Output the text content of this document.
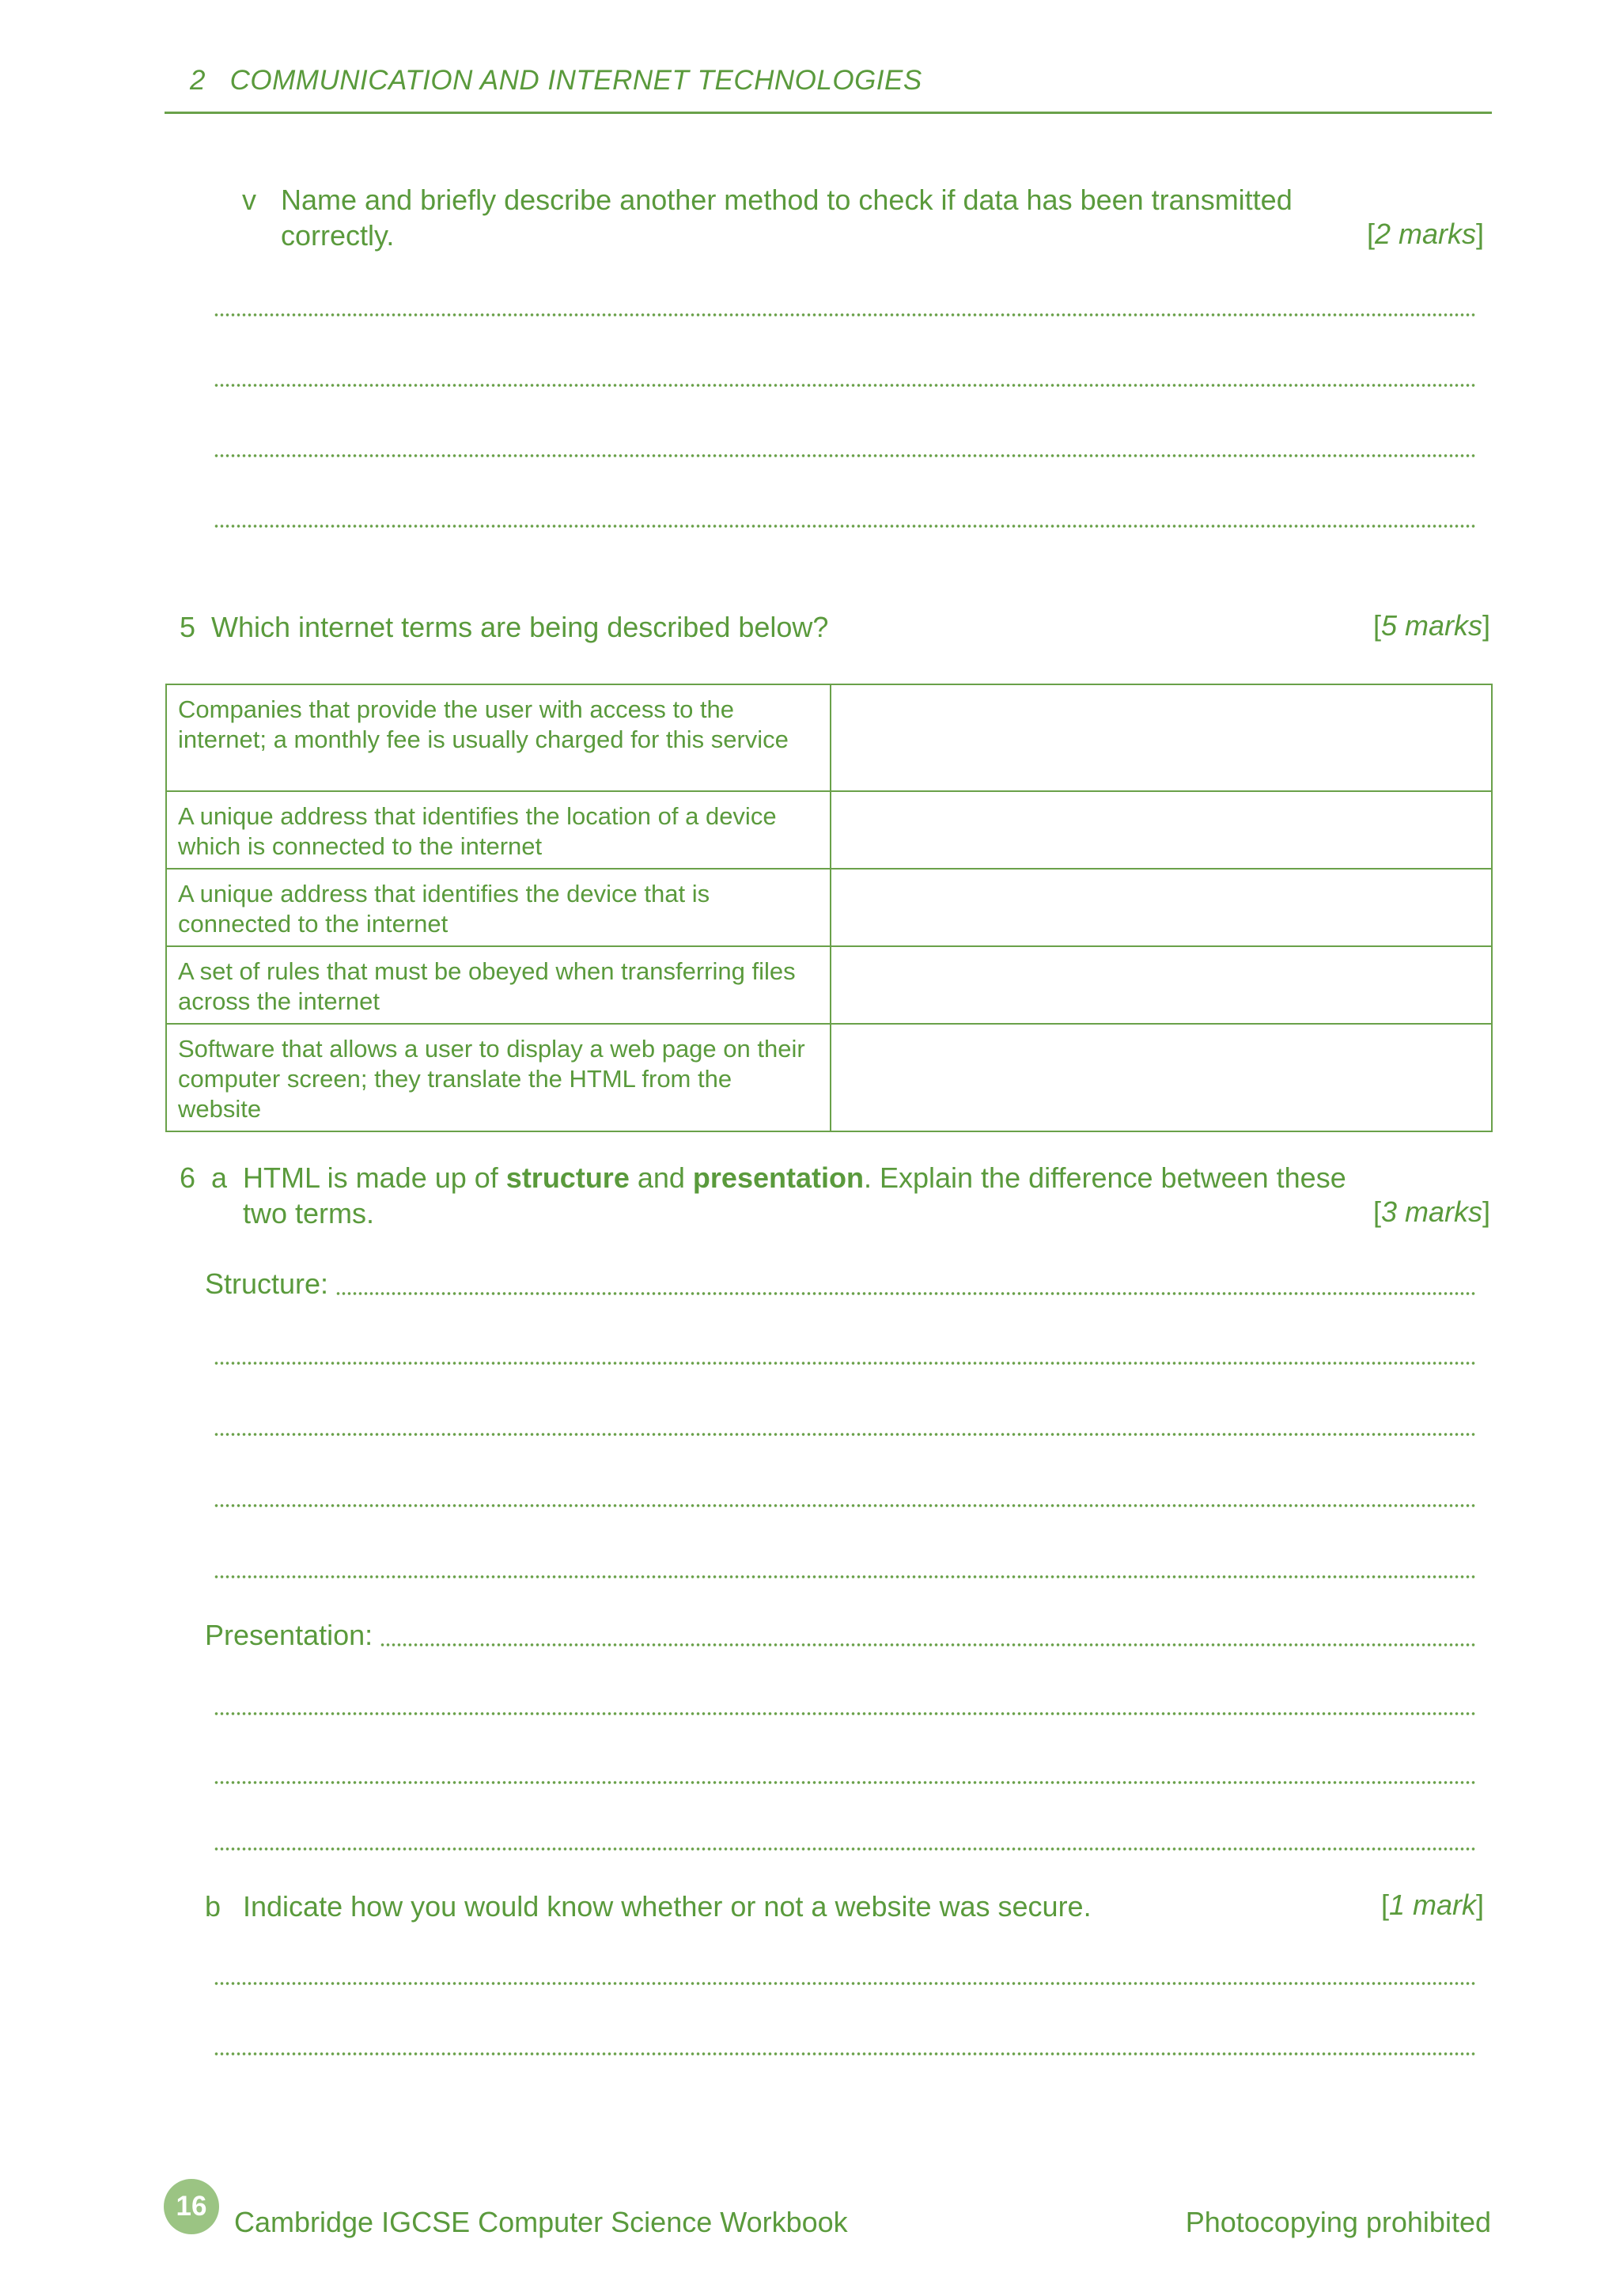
2   COMMUNICATION AND INTERNET TECHNOLOGIES
v Name and briefly describe another method to check if data has been transmitted
correctly.	[2 marks]
5  Which internet terms are being described below?	[5 marks]
Companies that provide the user with access to the internet; a monthly fee is usually charged for this service	
A unique address that identifies the location of a device which is connected to the internet	
A unique address that identifies the device that is connected to the internet	
A set of rules that must be obeyed when transferring files across the internet	
Software that allows a user to display a web page on their computer screen; they translate the HTML from the website	
6  a HTML is made up of structure and presentation. Explain the difference between these
two terms.	[3 marks]
Structure:
Presentation:
b Indicate how you would know whether or not a website was secure.	[1 mark]
16 Cambridge IGCSE Computer Science Workbook	Photocopying prohibited
